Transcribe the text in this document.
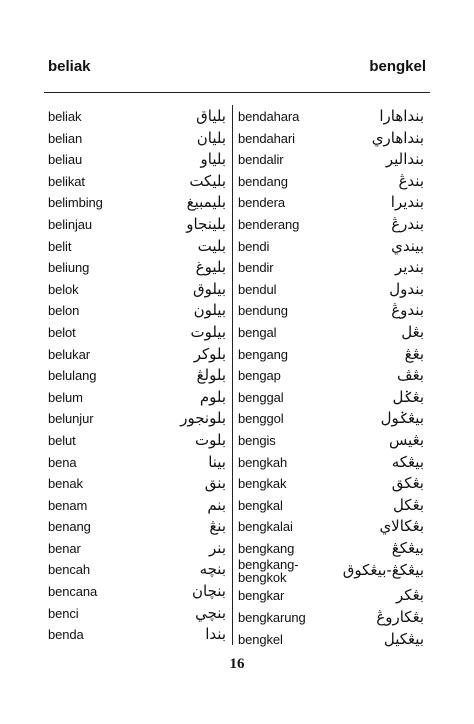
beliak	bengkel
beliak	بلياق
belian	بليان
beliau	بلياو
belikat	بليکت
belimbing	بليمبيغ
belinjau	بلينجاو
belit	بليت
beliung	بليوغ
belok	بيلوق
belon	بيلون
belot	بيلوت
belukar	بلوکر
belulang	بلولڠ
belum	بلوم
belunjur	بلونجور
belut	بلوت
bena	بينا
benak	بنق
benam	بنم
benang	بنڠ
benar	بنر
bencah	بنچه
bencana	بنچان
benci	بنچي
benda	بندا
bendahara	بنداهارا
bendahari	بنداهاري
bendalir	بندالير
bendang	بندڠ
bendera	بنديرا
benderang	بندرڠ
bendi	بيندي
bendir	بندير
bendul	بندول
bendung	بندوڠ
bengal	بڠل
bengang	بڠڠ
bengap	بڠڤ
benggal	بڠݢل
benggol	بيڠݢول
bengis	بڠيس
bengkah	بيڠکه
bengkak	بڠکق
bengkal	بڠکل
bengkalai	بڠکالاي
bengkang	بيڠکڠ
bengkang-
bengkok	بيڠکڠ-بيڠکوق
bengkar	بڠکر
bengkarung	بڠکاروڠ
bengkel	بيڠکيل
16
